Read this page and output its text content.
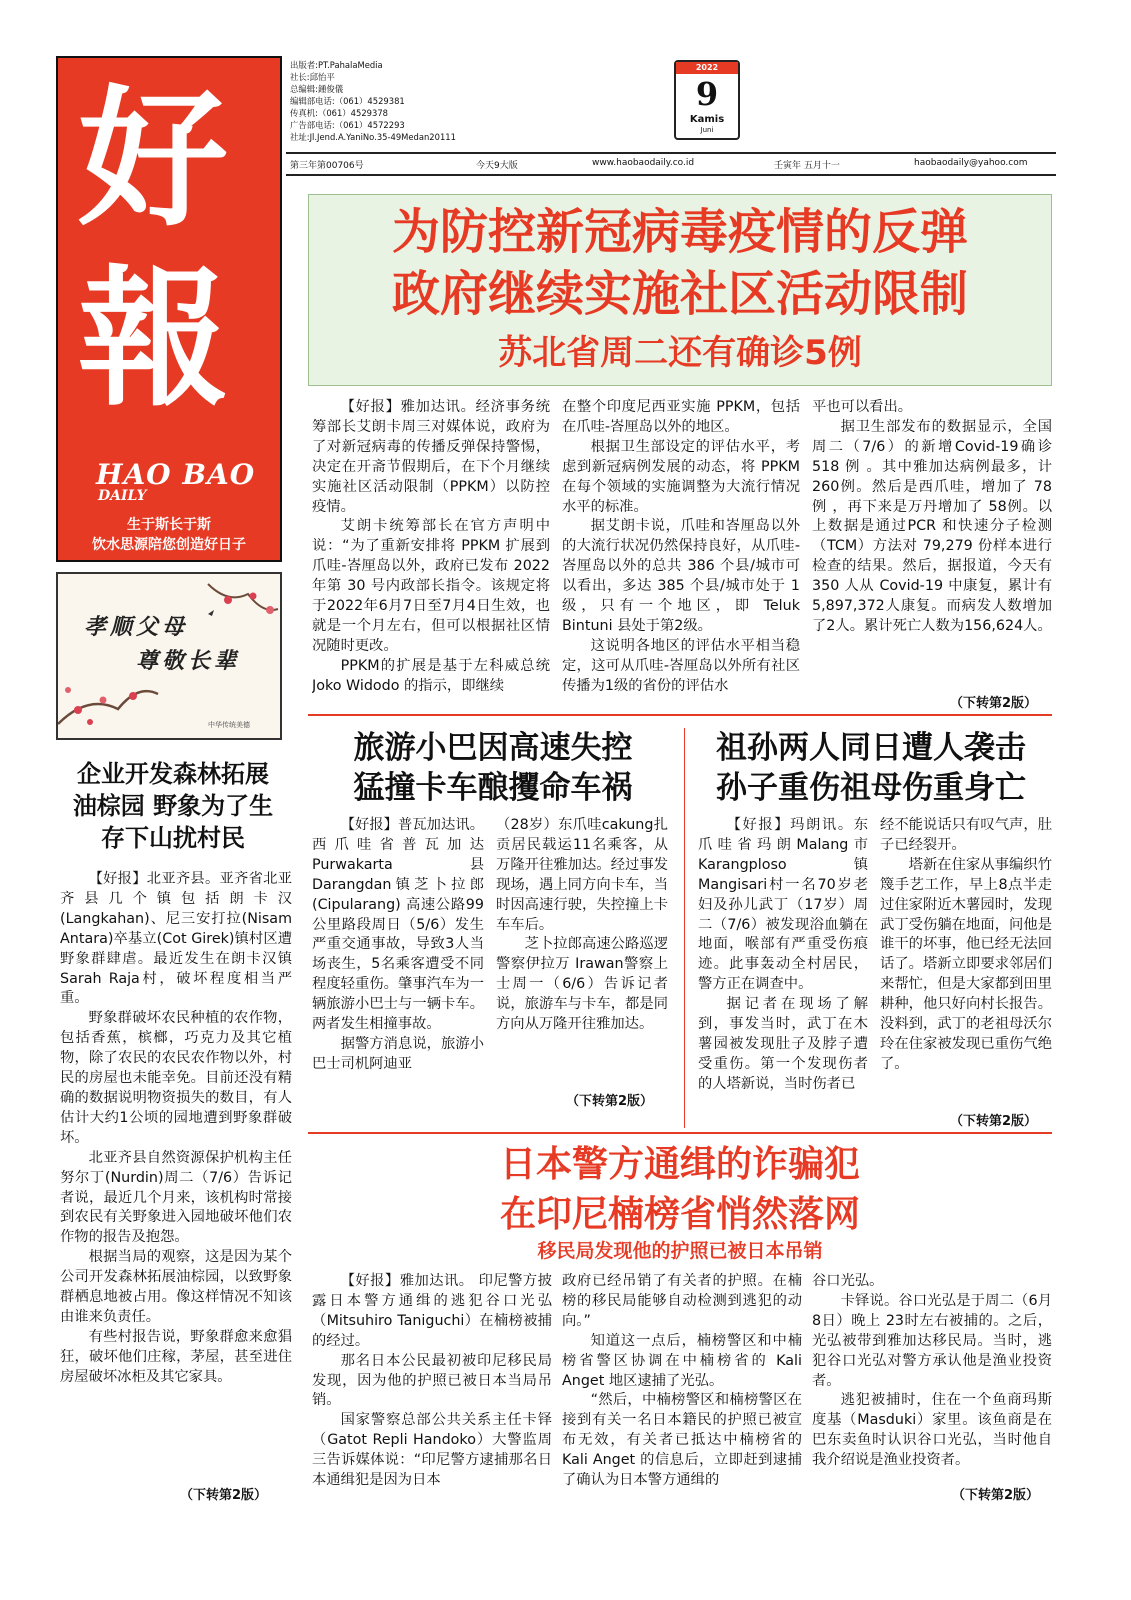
好
報
HAO BAO
DAILY
生于斯长于斯
饮水思源陪您创造好日子
孝顺父母
尊敬长辈
中华传统美德
出版者:PT.PahalaMedia
社长:邱怡平
总编辑:鍾俊儀
编辑部电话:（061）4529381
传真机:（061）4529378
广告部电话:（061）4572293
社址:Jl.Jend.A.YaniNo.35-49Medan20111
2022
9
Kamis
Juni
第三年第00706号	今天9大版	www.haobaodaily.co.id	壬寅年 五月十一	haobaodaily@yahoo.com
为防控新冠病毒疫情的反弹
政府继续实施社区活动限制
苏北省周二还有确诊5例

【好报】雅加达讯。经济事务统筹部长艾朗卡周三对媒体说，政府为了对新冠病毒的传播反弹保持警惕，决定在开斋节假期后，在下个月继续实施社区活动限制（PPKM）以防控疫情。

艾朗卡统筹部长在官方声明中说：“为了重新安排将 PPKM 扩展到爪哇-峇厘岛以外，政府已发布 2022 年第 30 号内政部长指令。该规定将于2022年6月7日至7月4日生效，也就是一个月左右，但可以根据社区情况随时更改。

PPKM的扩展是基于左科威总统 Joko Widodo 的指示，即继续

在整个印度尼西亚实施 PPKM，包括在爪哇-峇厘岛以外的地区。

根据卫生部设定的评估水平，考虑到新冠病例发展的动态，将 PPKM 在每个领域的实施调整为大流行情况水平的标准。

据艾朗卡说，爪哇和峇厘岛以外的大流行状况仍然保持良好，从爪哇-峇厘岛以外的总共 386 个县/城市可以看出，多达 385 个县/城市处于 1 级，只有一个地区，即 Teluk Bintuni 县处于第2级。

这说明各地区的评估水平相当稳定，这可从爪哇-峇厘岛以外所有社区传播为1级的省份的评估水

平也可以看出。

据卫生部发布的数据显示，全国周二（7/6）的新增Covid-19确诊518 例 。其中雅加达病例最多，计 260例。然后是西爪哇，增加了 78 例 ，再下来是万丹增加了 58例。以上数据是通过PCR 和快速分子检测（TCM）方法对 79,279 份样本进行检查的结果。然后，据报道，今天有 350 人从 Covid-19 中康复，累计有5,897,372人康复。而病发人数增加了2人。累计死亡人数为156,624人。

（下转第2版）
企业开发森林拓展
油棕园 野象为了生
存下山扰村民

【好报】北亚齐县。亚齐省北亚齐县几个镇包括朗卡汉(Langkahan)、尼三安打拉(Nisam Antara)卒基立(Cot Girek)镇村区遭野象群肆虐。最近发生在朗卡汉镇Sarah Raja村，破坏程度相当严重。

野象群破坏农民种植的农作物，包括香蕉，槟榔，巧克力及其它植物，除了农民的农民农作物以外，村民的房屋也未能幸免。目前还没有精确的数据说明物资损失的数目，有人估计大约1公顷的园地遭到野象群破坏。

北亚齐县自然资源保护机构主任努尔丁(Nurdin)周二（7/6）告诉记者说，最近几个月来，该机构时常接到农民有关野象进入园地破坏他们农作物的报告及抱怨。

根据当局的观察，这是因为某个公司开发森林拓展油棕园，以致野象群栖息地被占用。像这样情况不知该由谁来负责任。

有些村报告说，野象群愈来愈猖狂，破坏他们庄稼，茅屋，甚至进住房屋破坏冰柜及其它家具。

（下转第2版）
旅游小巴因高速失控
猛撞卡车酿攫命车祸

【好报】普瓦加达讯。西爪哇省普瓦加达Purwakarta县Darangdan镇芝卜拉郎(Cipularang) 高速公路99公里路段周日（5/6）发生严重交通事故，导致3人当场丧生，5名乘客遭受不同程度轻重伤。肇事汽车为一辆旅游小巴士与一辆卡车。两者发生相撞事故。

据警方消息说，旅游小巴士司机阿迪亚

（28岁）东爪哇cakung扎贡居民载运11名乘客，从万隆开往雅加达。经过事发现场，遇上同方向卡车，当时因高速行驶，失控撞上卡车车后。

芝卜拉郎高速公路巡逻警察伊拉万 Irawan警察上士周一（6/6）告诉记者说，旅游车与卡车，都是同方向从万隆开往雅加达。

（下转第2版）
祖孙两人同日遭人袭击
孙子重伤祖母伤重身亡

【好报】玛朗讯。东爪哇省玛朗Malang市Karangploso镇Mangisari村一名70岁老妇及孙儿武丁（17岁）周二（7/6）被发现浴血躺在地面，喉部有严重受伤痕迹。此事轰动全村居民，警方正在调查中。

据记者在现场了解到，事发当时，武丁在木薯园被发现肚子及脖子遭受重伤。第一个发现伤者的人塔新说，当时伤者已

经不能说话只有叹气声，肚子已经裂开。

塔新在住家从事编织竹篾手艺工作，早上8点半走过住家附近木薯园时，发现武丁受伤躺在地面，问他是谁干的坏事，他已经无法回话了。塔新立即要求邻居们来帮忙，但是大家都到田里耕种，他只好向村长报告。没料到，武丁的老祖母沃尔玲在住家被发现已重伤气绝了。

（下转第2版）
日本警方通缉的诈骗犯
在印尼楠榜省悄然落网
移民局发现他的护照已被日本吊销

【好报】雅加达讯。 印尼警方披露日本警方通缉的逃犯谷口光弘（Mitsuhiro Taniguchi）在楠榜被捕的经过。

那名日本公民最初被印尼移民局发现，因为他的护照已被日本当局吊销。

国家警察总部公共关系主任卡铎（Gatot Repli Handoko）大警监周三告诉媒体说：“印尼警方逮捕那名日本通缉犯是因为日本

政府已经吊销了有关者的护照。在楠榜的移民局能够自动检测到逃犯的动向。”

知道这一点后，楠榜警区和中楠榜省警区协调在中楠榜省的 Kali Anget 地区逮捕了光弘。

“然后，中楠榜警区和楠榜警区在接到有关一名日本籍民的护照已被宣布无效，有关者已抵达中楠榜省的 Kali Anget 的信息后，立即赶到逮捕了确认为日本警方通缉的

谷口光弘。

卡铎说。谷口光弘是于周二（6月8日）晚上 23时左右被捕的。之后，光弘被带到雅加达移民局。当时，逃犯谷口光弘对警方承认他是渔业投资者。

逃犯被捕时，住在一个鱼商玛斯度基（Masduki）家里。该鱼商是在巴东卖鱼时认识谷口光弘，当时他自我介绍说是渔业投资者。

（下转第2版）
